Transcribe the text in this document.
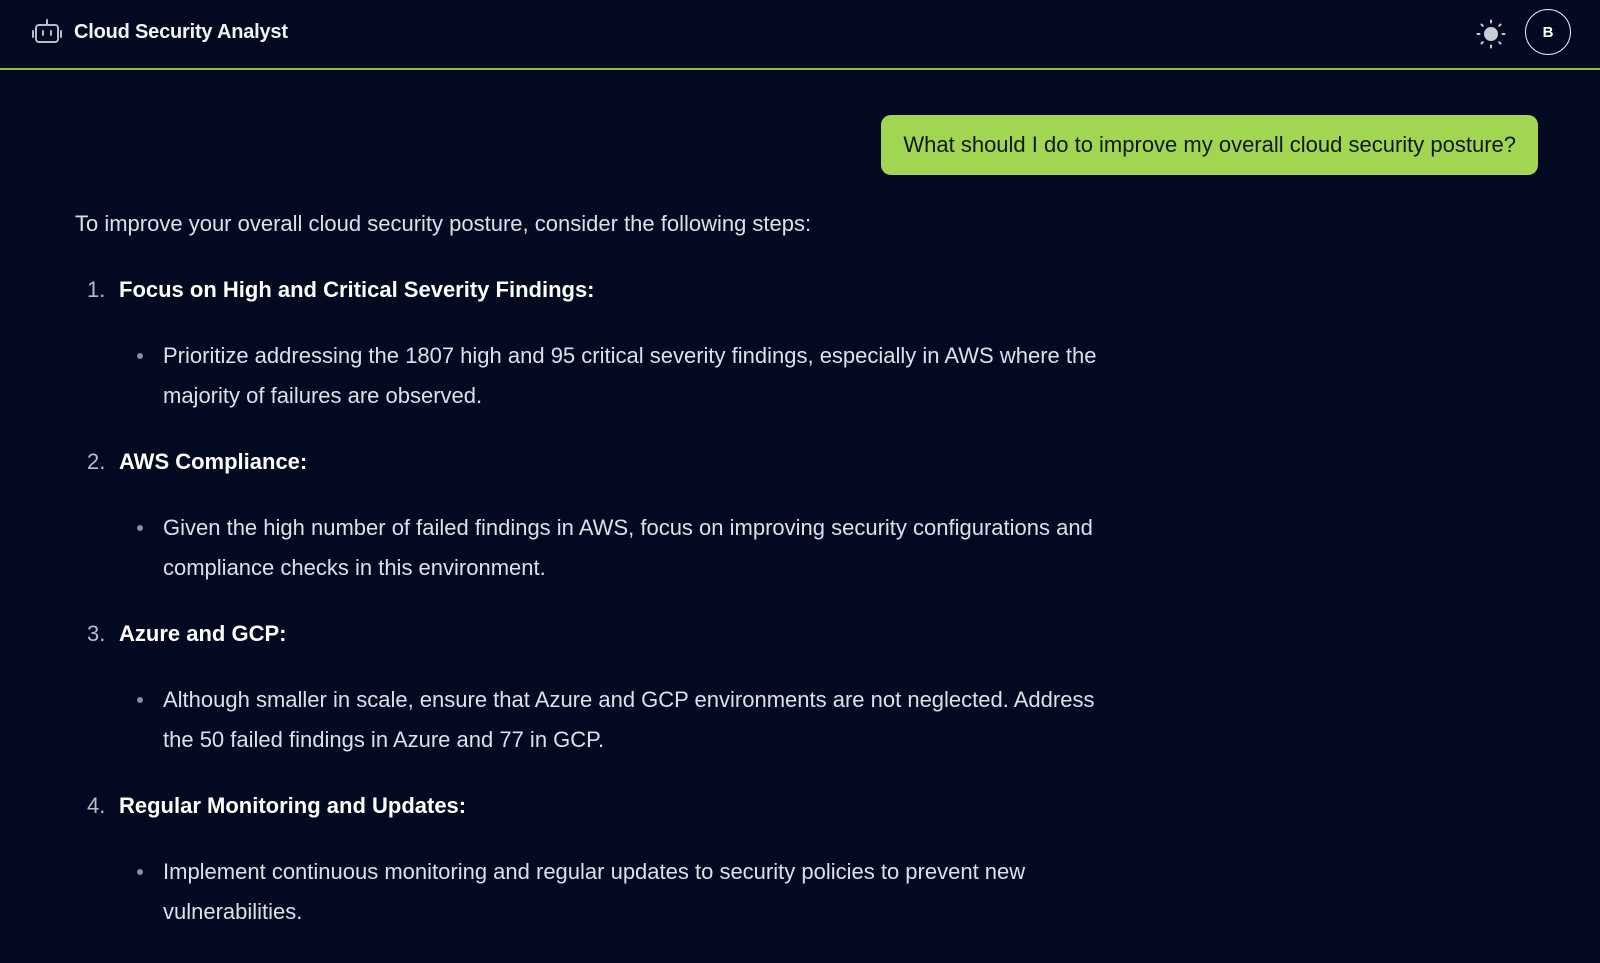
Cloud Security Analyst	B
What should I do to improve my overall cloud security posture?

To improve your overall cloud security posture, consider the following steps:

1. Focus on High and Critical Severity Findings:
Prioritize addressing the 1807 high and 95 critical severity findings, especially in AWS where the majority of failures are observed.
2. AWS Compliance:
Given the high number of failed findings in AWS, focus on improving security configurations and compliance checks in this environment.
3. Azure and GCP:
Although smaller in scale, ensure that Azure and GCP environments are not neglected. Address the 50 failed findings in Azure and 77 in GCP.
4. Regular Monitoring and Updates:
Implement continuous monitoring and regular updates to security policies to prevent new vulnerabilities.
